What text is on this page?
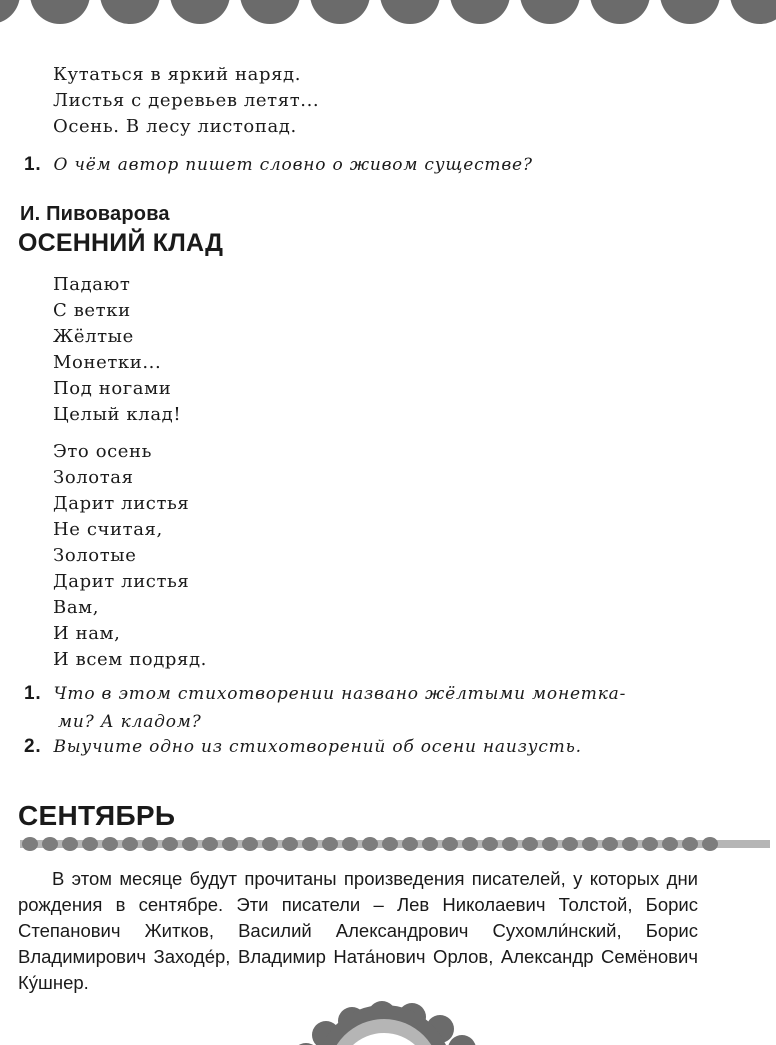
Кутаться в яркий наряд.
Листья с деревьев летят...
Осень. В лесу листопад.
1. О чём автор пишет словно о живом существе?
И. Пивоварова
ОСЕННИЙ КЛАД
Падают
С ветки
Жёлтые
Монетки...
Под ногами
Целый клад!
Это осень
Золотая
Дарит листья
Не считая,
Золотые
Дарит листья
Вам,
И нам,
И всем подряд.
1. Что в этом стихотворении названо жёлтыми монетка-
ми? А кладом?
2. Выучите одно из стихотворений об осени наизусть.
СЕНТЯБРЬ
В этом месяце будут прочитаны произведения писателей, у которых дни рождения в сентябре. Эти писатели – Лев Николаевич Толстой, Борис Степанович Житков, Василий Александрович Сухомли́нский, Борис Владимирович Заходе́р, Владимир Ната́нович Орлов, Александр Семёнович Ку́шнер.
